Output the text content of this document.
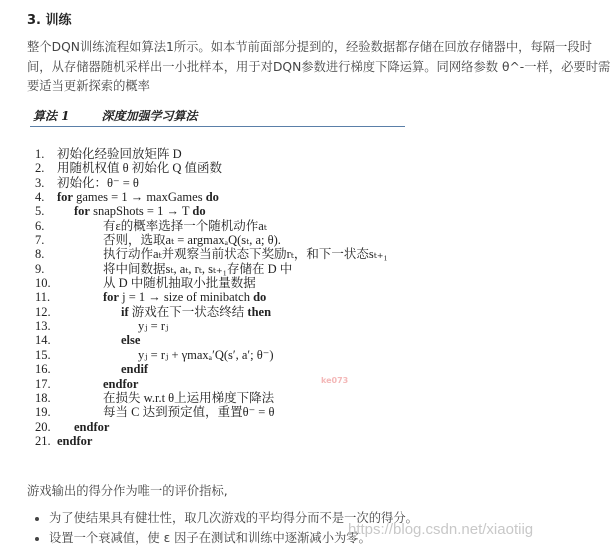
3. 训练
整个DQN训练流程如算法1所示。如本节前面部分提到的，经验数据都存储在回放存储器中，每隔一段时间，从存储器随机采样出一小批样本，用于对DQN参数进行梯度下降运算。同网络参数 θ^-一样，必要时需要适当更新探索的概率
算法 1	深度加强学习算法
1. 初始化经验回放矩阵 D
2. 用随机权值 θ 初始化 Q 值函数
3. 初始化：θ⁻ = θ
4. for games = 1 → maxGames do
5. for snapShots = 1 → T do
6.	有ε的概率选择一个随机动作aₜ
7.	否则，选取aₜ = argmaxₐQ(sₜ, a; θ).
8.	执行动作aₜ并观察当前状态下奖励rₜ，和下一状态sₜ₊₁
9.	将中间数据sₜ, aₜ, rₜ, sₜ₊₁存储在 D 中
10.	从 D 中随机抽取小批量数据
11.	for j = 1 → size of minibatch do
12.	if 游戏在下一状态终结 then
13.	yⱼ = rⱼ
14.	else
15.	yⱼ = rⱼ + γmaxₐ′Q(s′, a′; θ⁻)
16.	endif
17.	endfor
18.	在损失 w.r.t θ上运用梯度下降法
19.	每当 C 达到预定值，重置θ⁻ = θ
20. endfor
21. endfor
ke073
游戏输出的得分作为唯一的评价指标,
• 为了使结果具有健壮性，取几次游戏的平均得分而不是一次的得分。
• 设置一个衰减值，使 ε 因子在测试和训练中逐渐减小为零。
https://blog.csdn.net/xiaotiig
